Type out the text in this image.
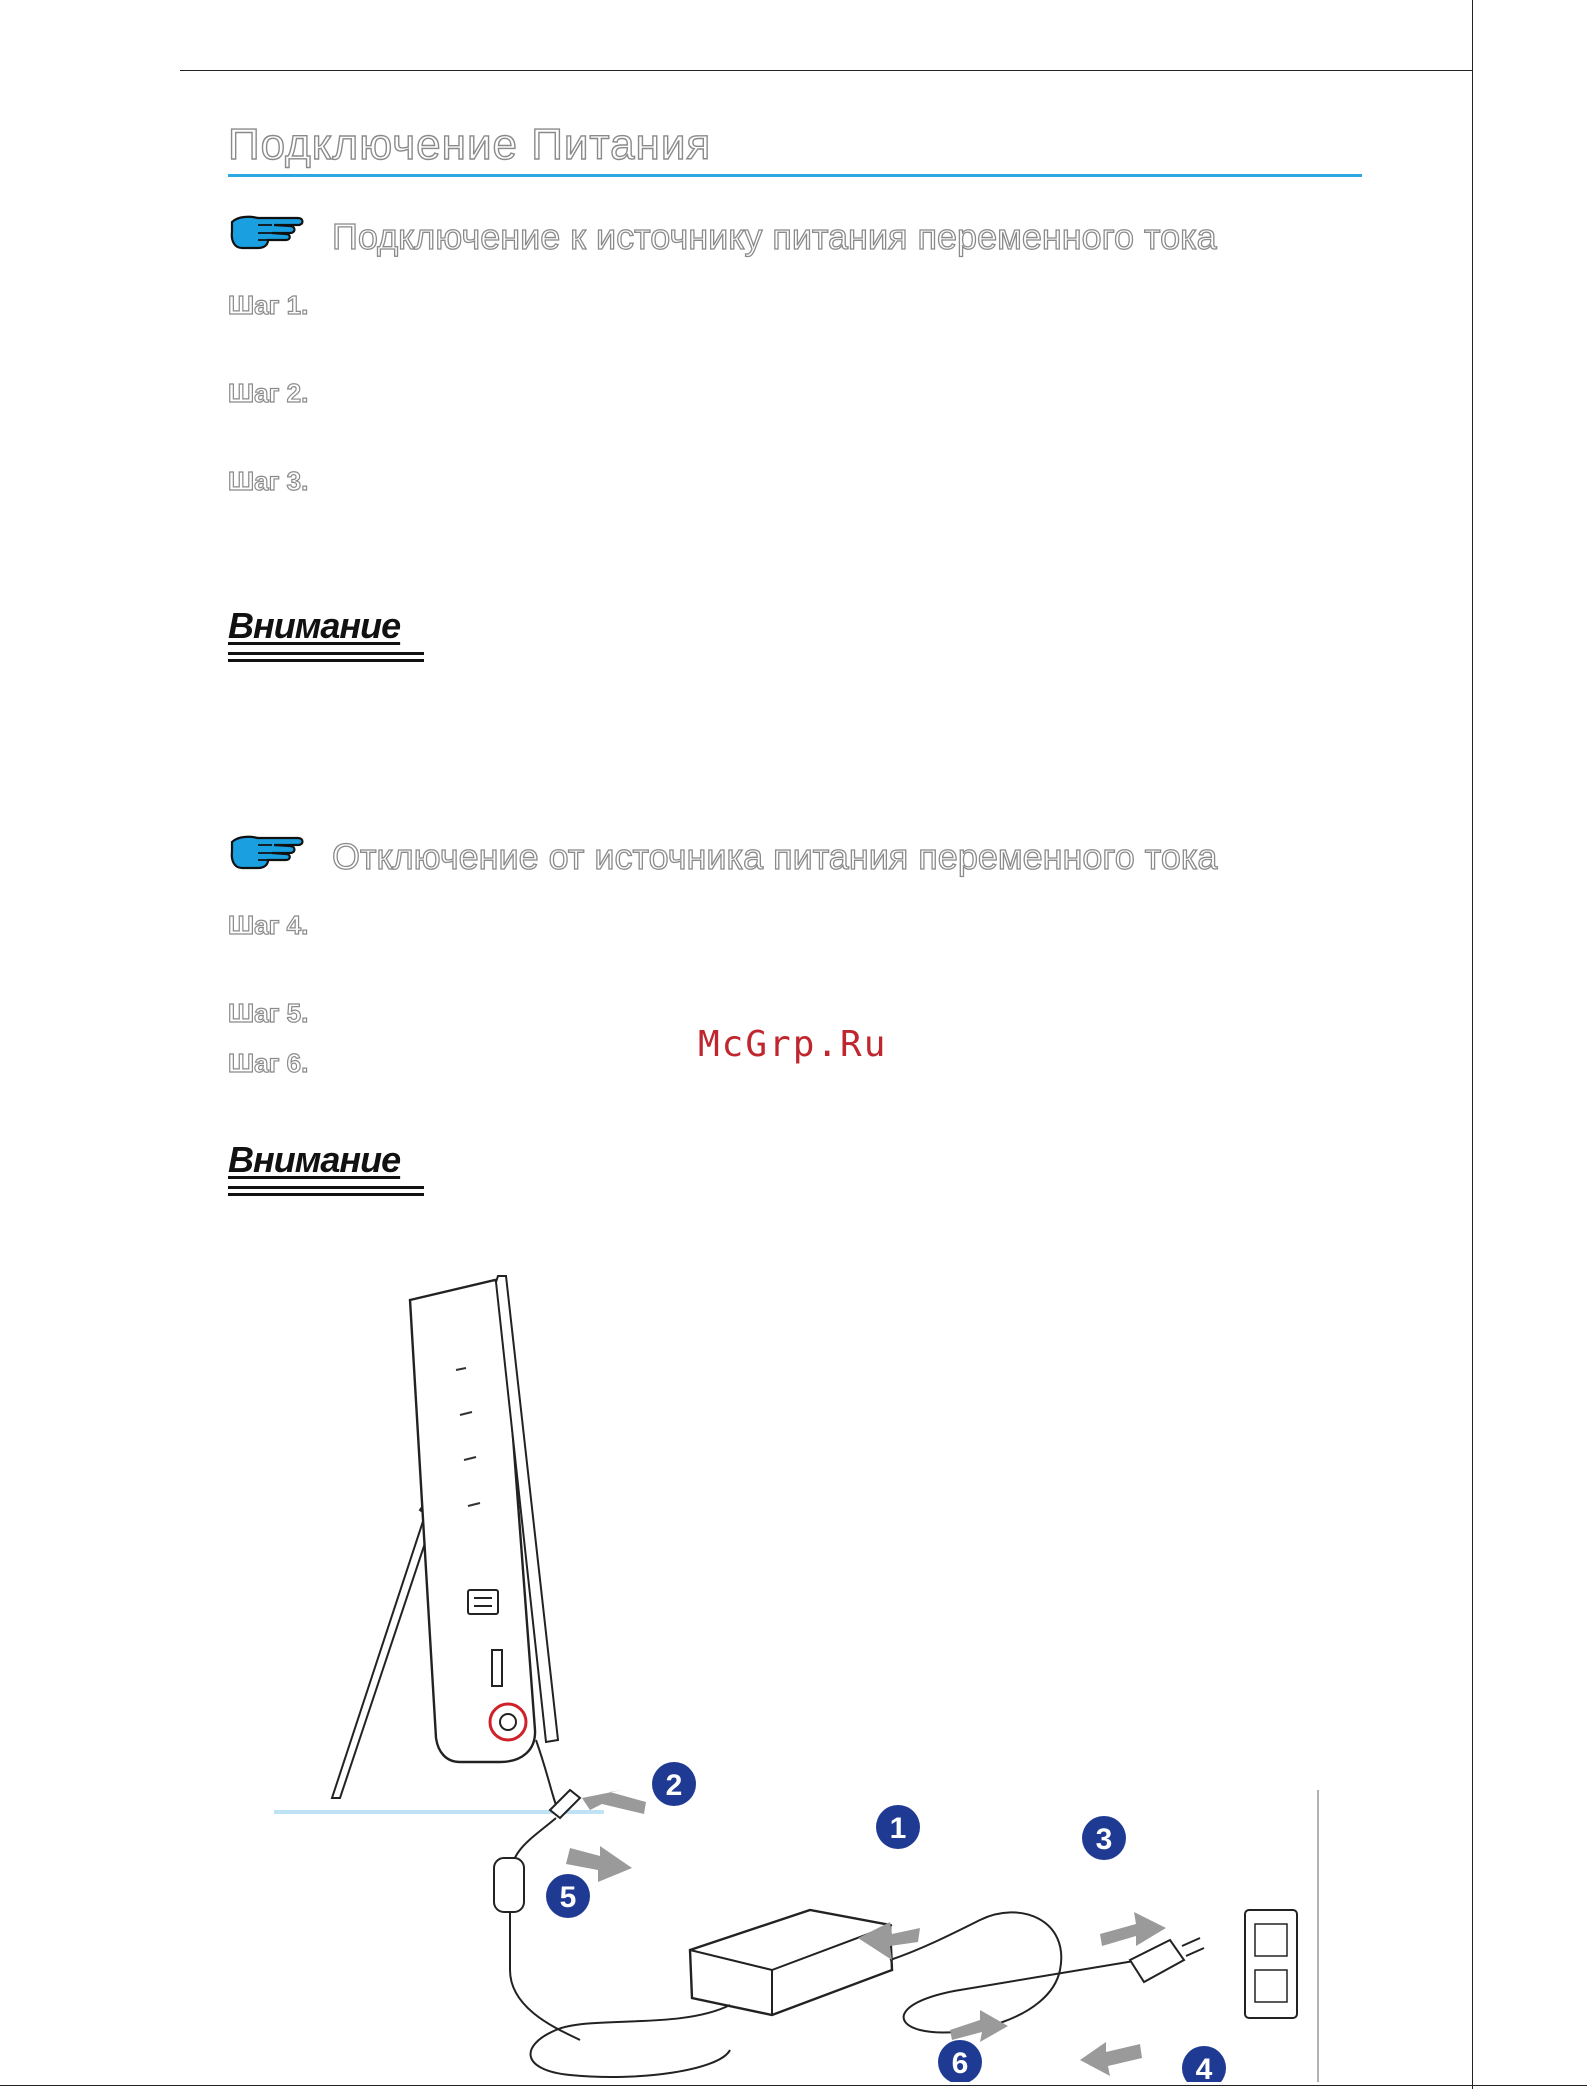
Подключение Питания
Подключение к источнику питания переменного тока
Шаг 1.
Шаг 2.
Шаг 3.
Внимание
Отключение от источника питания переменного тока
Шаг 4.
Шаг 5.
Шаг 6.	McGrp.Ru
Внимание
1
2
3
4
5
6
